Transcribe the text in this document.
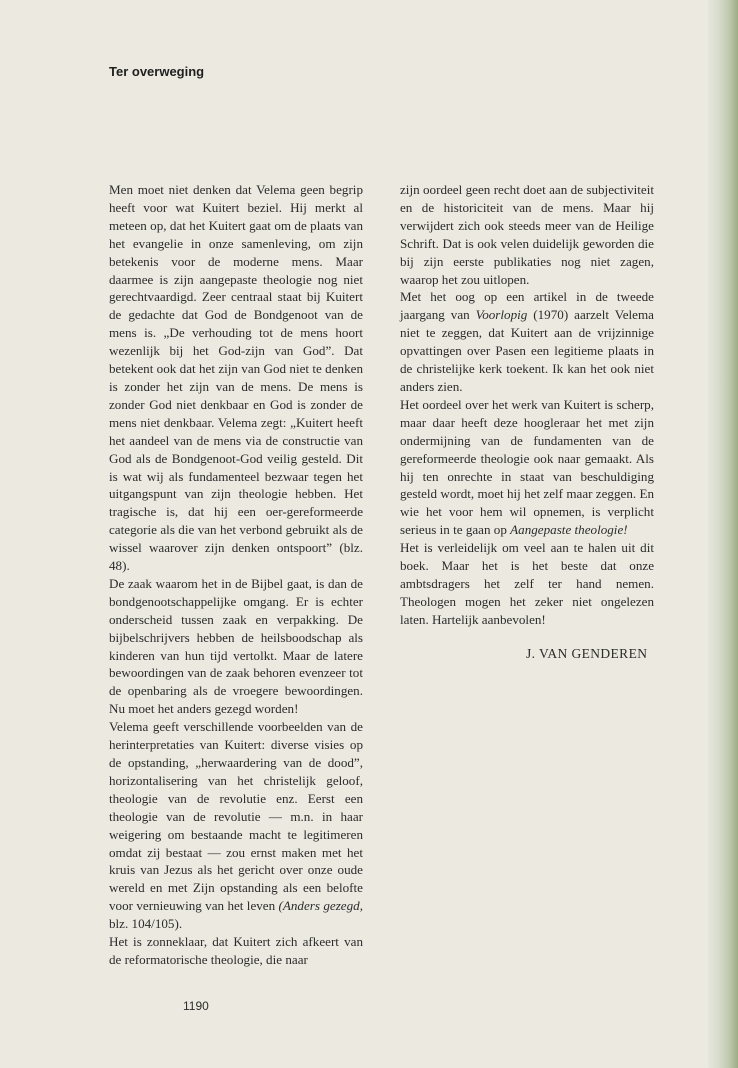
Ter overweging

Men moet niet denken dat Velema geen begrip heeft voor wat Kuitert beziel. Hij merkt al meteen op, dat het Kuitert gaat om de plaats van het evangelie in onze samenleving, om zijn betekenis voor de moderne mens. Maar daarmee is zijn aangepaste theologie nog niet gerechtvaardigd. Zeer centraal staat bij Kuitert de gedachte dat God de Bondgenoot van de mens is. „De verhouding tot de mens hoort wezenlijk bij het God-zijn van God”. Dat betekent ook dat het zijn van God niet te denken is zonder het zijn van de mens. De mens is zonder God niet denkbaar en God is zonder de mens niet denkbaar. Velema zegt: „Kuitert heeft het aandeel van de mens via de constructie van God als de Bondgenoot-God veilig gesteld. Dit is wat wij als fundamenteel bezwaar tegen het uitgangspunt van zijn theologie hebben. Het tragische is, dat hij een oer-gereformeerde categorie als die van het verbond gebruikt als de wissel waarover zijn denken ontspoort” (blz. 48).

De zaak waarom het in de Bijbel gaat, is dan de bondgenootschappelijke omgang. Er is echter onderscheid tussen zaak en verpakking. De bijbelschrijvers hebben de heilsboodschap als kinderen van hun tijd vertolkt. Maar de latere bewoordingen van de zaak behoren evenzeer tot de openbaring als de vroegere bewoordingen. Nu moet het anders gezegd worden!

Velema geeft verschillende voorbeelden van de herinterpretaties van Kuitert: diverse visies op de opstanding, „herwaardering van de dood”, horizontalisering van het christelijk geloof, theologie van de revolutie enz. Eerst een theologie van de revolutie — m.n. in haar weigering om bestaande macht te legitimeren omdat zij bestaat — zou ernst maken met het kruis van Jezus als het gericht over onze oude wereld en met Zijn opstanding als een belofte voor vernieuwing van het leven (Anders gezegd, blz. 104/105).

Het is zonneklaar, dat Kuitert zich afkeert van de reformatorische theologie, die naar

zijn oordeel geen recht doet aan de subjectiviteit en de historiciteit van de mens. Maar hij verwijdert zich ook steeds meer van de Heilige Schrift. Dat is ook velen duidelijk geworden die bij zijn eerste publikaties nog niet zagen, waarop het zou uitlopen.

Met het oog op een artikel in de tweede jaargang van Voorlopig (1970) aarzelt Velema niet te zeggen, dat Kuitert aan de vrijzinnige opvattingen over Pasen een legitieme plaats in de christelijke kerk toekent. Ik kan het ook niet anders zien.

Het oordeel over het werk van Kuitert is scherp, maar daar heeft deze hoogleraar het met zijn ondermijning van de fundamenten van de gereformeerde theologie ook naar gemaakt. Als hij ten onrechte in staat van beschuldiging gesteld wordt, moet hij het zelf maar zeggen. En wie het voor hem wil opnemen, is verplicht serieus in te gaan op Aangepaste theologie!

Het is verleidelijk om veel aan te halen uit dit boek. Maar het is het beste dat onze ambtsdragers het zelf ter hand nemen. Theologen mogen het zeker niet ongelezen laten. Hartelijk aanbevolen!

J. VAN GENDEREN
1190
